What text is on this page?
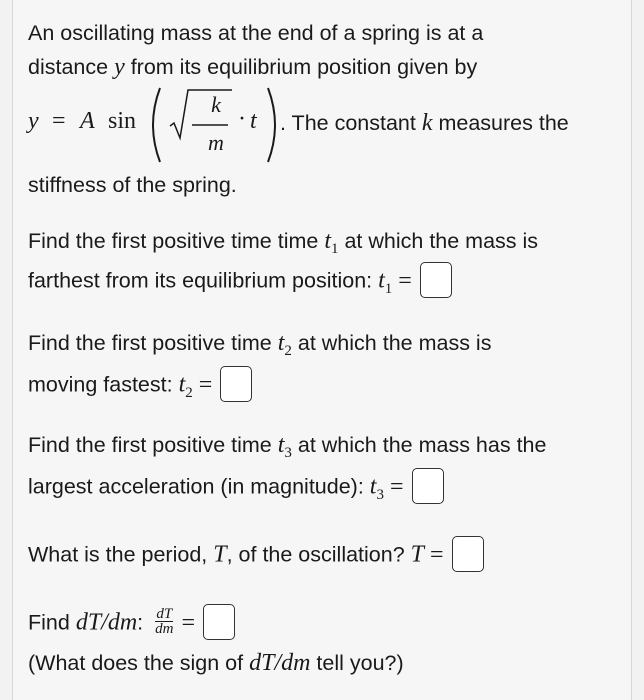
An oscillating mass at the end of a spring is at a
distance y from its equilibrium position given by
y = A sin
k
m
· t . The constant k measures the
stiffness of the spring.
Find the first positive time time $t_1$ at which the mass is
farthest from its equilibrium position: $t_1$ =
Find the first positive time $t_2$ at which the mass is
moving fastest: $t_2$ =
Find the first positive time $t_3$ at which the mass has the
largest acceleration (in magnitude): $t_3$ =
What is the period, T, of the oscillation? T =
Find dT/dm: $\frac{dT}{dm}$ =
(What does the sign of dT/dm tell you?)
